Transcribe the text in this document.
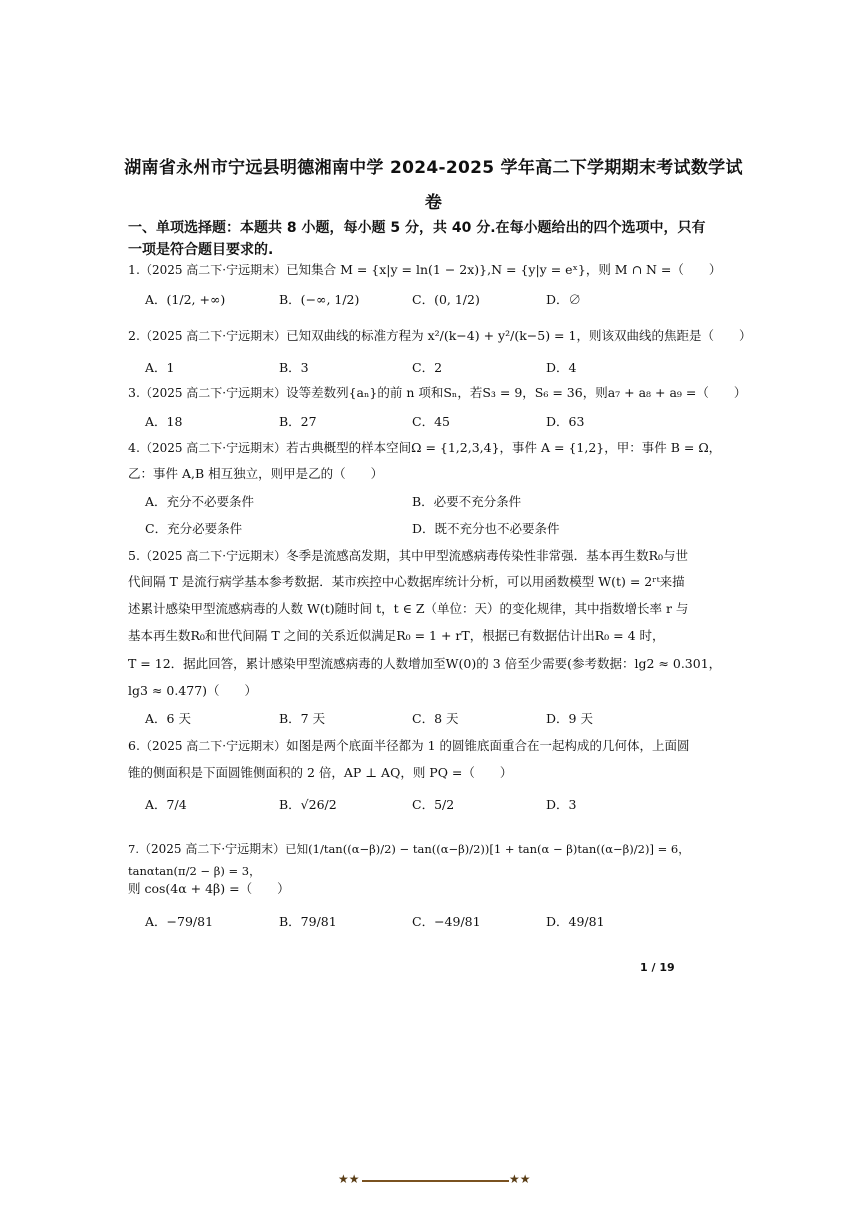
湖南省永州市宁远县明德湘南中学 2024-2025 学年高二下学期期末考试数学试
卷
一、单项选择题：本题共 8 小题，每小题 5 分，共 40 分.在每小题给出的四个选项中，只有
一项是符合题目要求的.
1.（2025 高二下·宁远期末）已知集合 M = {x|y = ln(1 − 2x)},N = {y|y = eˣ}，则 M ∩ N =（　　）
A．(1/2, +∞)	B．(−∞, 1/2)	C．(0, 1/2)	D．∅
2.（2025 高二下·宁远期末）已知双曲线的标准方程为 x²/(k−4) + y²/(k−5) = 1，则该双曲线的焦距是（　　）
A．1	B．3	C．2	D．4
3.（2025 高二下·宁远期末）设等差数列{aₙ}的前 n 项和Sₙ，若S₃ = 9，S₆ = 36，则a₇ + a₈ + a₉ =（　　）
A．18	B．27	C．45	D．63
4.（2025 高二下·宁远期末）若古典概型的样本空间Ω = {1,2,3,4}，事件 A = {1,2}，甲：事件 B = Ω，
乙：事件 A,B 相互独立，则甲是乙的（　　）
A．充分不必要条件	B．必要不充分条件
C．充分必要条件	D．既不充分也不必要条件
5.（2025 高二下·宁远期末）冬季是流感高发期，其中甲型流感病毒传染性非常强．基本再生数R₀与世
代间隔 T 是流行病学基本参考数据．某市疾控中心数据库统计分析，可以用函数模型 W(t) = 2ʳᵗ来描
述累计感染甲型流感病毒的人数 W(t)随时间 t，t ∈ Z（单位：天）的变化规律，其中指数增长率 r 与
基本再生数R₀和世代间隔 T 之间的关系近似满足R₀ = 1 + rT，根据已有数据估计出R₀ = 4 时，
T = 12．据此回答，累计感染甲型流感病毒的人数增加至W(0)的 3 倍至少需要(参考数据：lg2 ≈ 0.301，
lg3 ≈ 0.477)（　　）
A．6 天	B．7 天	C．8 天	D．9 天
6.（2025 高二下·宁远期末）如图是两个底面半径都为 1 的圆锥底面重合在一起构成的几何体，上面圆
锥的侧面积是下面圆锥侧面积的 2 倍，AP ⊥ AQ，则 PQ =（　　）
A．7/4	B．√26/2	C．5/2	D．3
7.（2025 高二下·宁远期末）已知(1/tan((α−β)/2) − tan((α−β)/2))[1 + tan(α − β)tan((α−β)/2)] = 6，tanαtan(π/2 − β) = 3，
则 cos(4α + 4β) =（　　）
A．−79/81	B．79/81	C．−49/81	D．49/81
1 / 19
★★	★★
